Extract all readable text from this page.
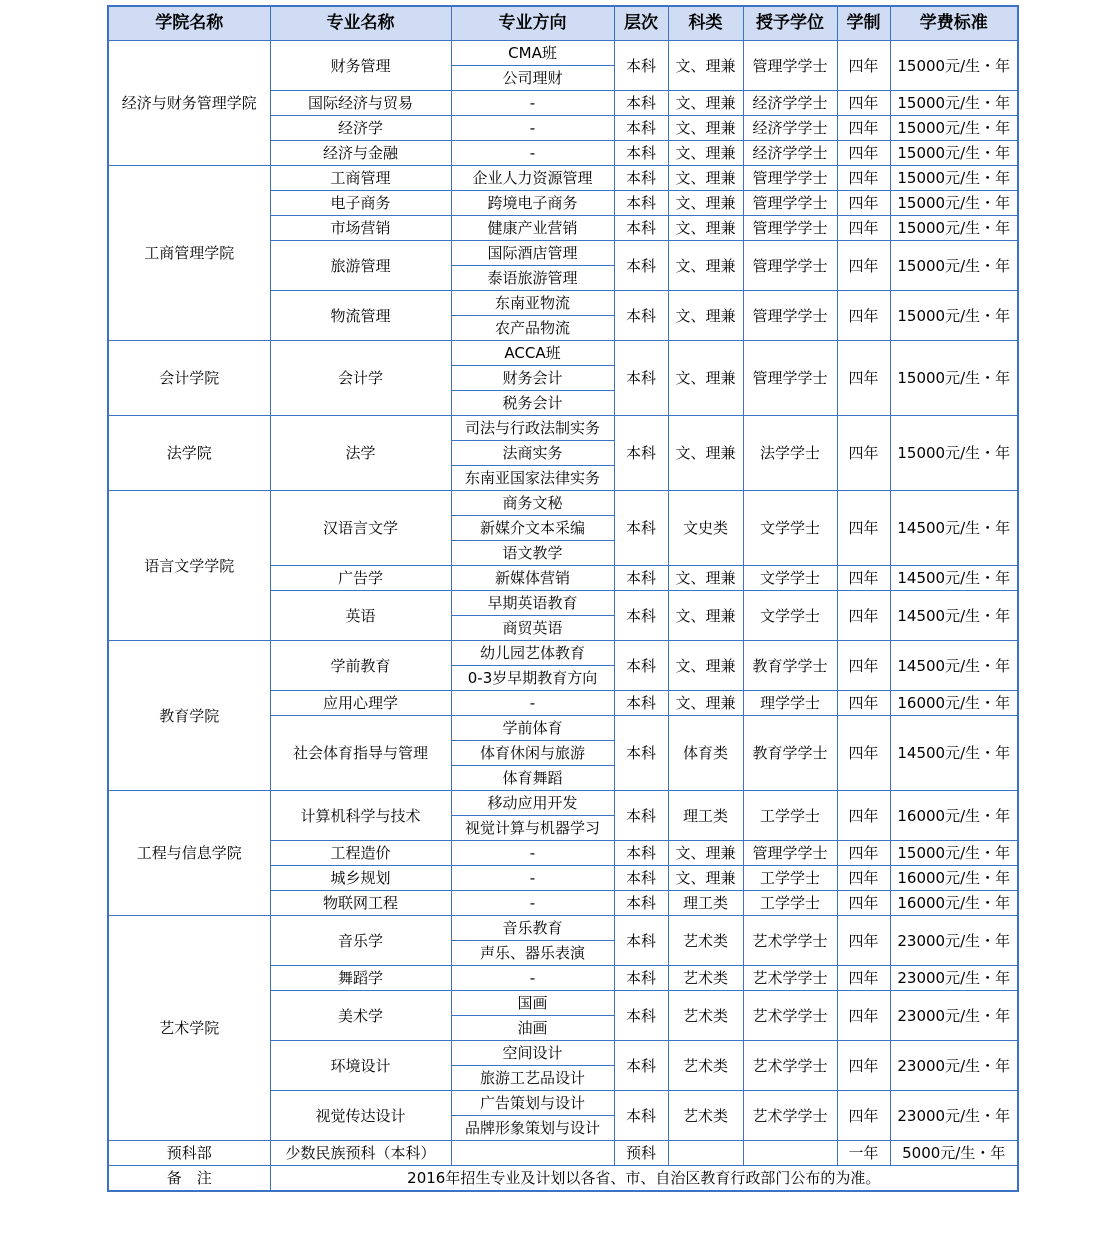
学院名称	专业名称	专业方向	层次	科类	授予学位	学制	学费标准
经济与财务管理学院	财务管理	CMA班	本科	文、理兼	管理学学士	四年	15000元/生・年
		公司理财					
	国际经济与贸易	-	本科	文、理兼	经济学学士	四年	15000元/生・年
	经济学	-	本科	文、理兼	经济学学士	四年	15000元/生・年
	经济与金融	-	本科	文、理兼	经济学学士	四年	15000元/生・年
工商管理学院	工商管理	企业人力资源管理	本科	文、理兼	管理学学士	四年	15000元/生・年
	电子商务	跨境电子商务	本科	文、理兼	管理学学士	四年	15000元/生・年
	市场营销	健康产业营销	本科	文、理兼	管理学学士	四年	15000元/生・年
	旅游管理	国际酒店管理	本科	文、理兼	管理学学士	四年	15000元/生・年
		泰语旅游管理					
	物流管理	东南亚物流	本科	文、理兼	管理学学士	四年	15000元/生・年
		农产品物流					
会计学院	会计学	ACCA班	本科	文、理兼	管理学学士	四年	15000元/生・年
		财务会计					
		税务会计					
法学院	法学	司法与行政法制实务	本科	文、理兼	法学学士	四年	15000元/生・年
		法商实务					
		东南亚国家法律实务					
语言文学学院	汉语言文学	商务文秘	本科	文史类	文学学士	四年	14500元/生・年
		新媒介文本采编					
		语文教学					
	广告学	新媒体营销	本科	文、理兼	文学学士	四年	14500元/生・年
	英语	早期英语教育	本科	文、理兼	文学学士	四年	14500元/生・年
		商贸英语					
教育学院	学前教育	幼儿园艺体教育	本科	文、理兼	教育学学士	四年	14500元/生・年
		0-3岁早期教育方向					
	应用心理学	-	本科	文、理兼	理学学士	四年	16000元/生・年
	社会体育指导与管理	学前体育	本科	体育类	教育学学士	四年	14500元/生・年
		体育休闲与旅游					
		体育舞蹈					
工程与信息学院	计算机科学与技术	移动应用开发	本科	理工类	工学学士	四年	16000元/生・年
		视觉计算与机器学习					
	工程造价	-	本科	文、理兼	管理学学士	四年	15000元/生・年
	城乡规划	-	本科	文、理兼	工学学士	四年	16000元/生・年
	物联网工程	-	本科	理工类	工学学士	四年	16000元/生・年
艺术学院	音乐学	音乐教育	本科	艺术类	艺术学学士	四年	23000元/生・年
		声乐、器乐表演					
	舞蹈学	-	本科	艺术类	艺术学学士	四年	23000元/生・年
	美术学	国画	本科	艺术类	艺术学学士	四年	23000元/生・年
		油画					
	环境设计	空间设计	本科	艺术类	艺术学学士	四年	23000元/生・年
		旅游工艺品设计					
	视觉传达设计	广告策划与设计	本科	艺术类	艺术学学士	四年	23000元/生・年
		品牌形象策划与设计					
预科部	少数民族预科（本科）		预科			一年	5000元/生・年
备　注	2016年招生专业及计划以各省、市、自治区教育行政部门公布的为准。						
